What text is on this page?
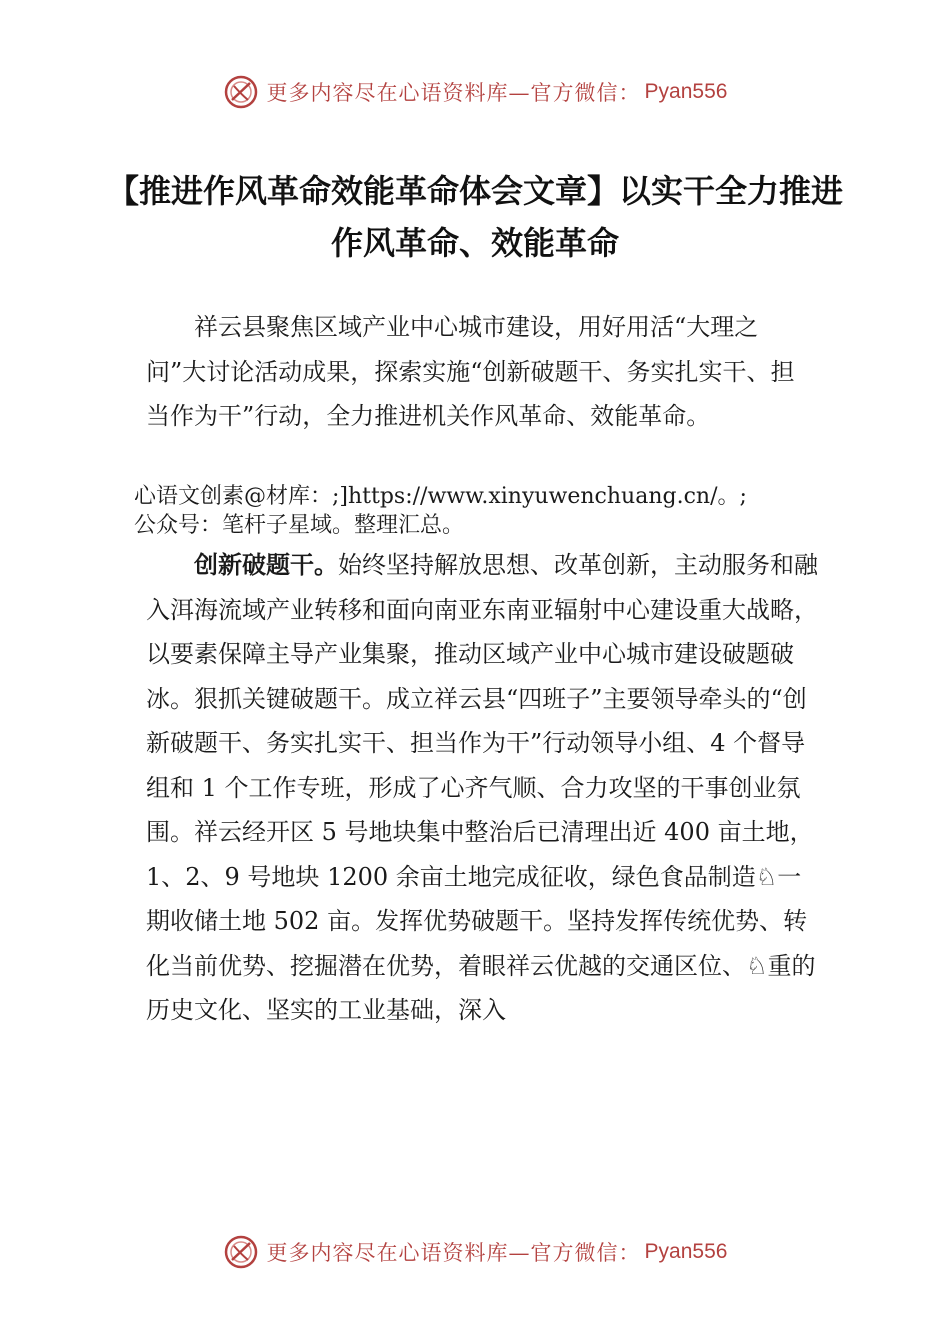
更多内容尽在心语资料库—官方微信： Pyan556
【推进作风革命效能革命体会文章】以实干全力推进作风革命、效能革命
祥云县聚焦区域产业中心城市建设，用好用活“大理之问”大讨论活动成果，探索实施“创新破题干、务实扎实干、担当作为干”行动，全力推进机关作风革命、效能革命。
心语文创素@材库：;]https://www.xinyuwenchuang.cn/。;
公众号：笔杆子星域。整理汇总。
创新破题干。始终坚持解放思想、改革创新，主动服务和融入洱海流域产业转移和面向南亚东南亚辐射中心建设重大战略，以要素保障主导产业集聚，推动区域产业中心城市建设破题破冰。狠抓关键破题干。成立祥云县“四班子”主要领导牵头的“创新破题干、务实扎实干、担当作为干”行动领导小组、4 个督导组和 1 个工作专班，形成了心齐气顺、合力攻坚的干事创业氛围。祥云经开区 5 号地块集中整治后已清理出近 400 亩土地，1、2、9 号地块 1200 余亩土地完成征收，绿色食品制造♘一期收储土地 502 亩。发挥优势破题干。坚持发挥传统优势、转化当前优势、挖掘潜在优势，着眼祥云优越的交通区位、♘重的历史文化、坚实的工业基础，深入
更多内容尽在心语资料库—官方微信： Pyan556
